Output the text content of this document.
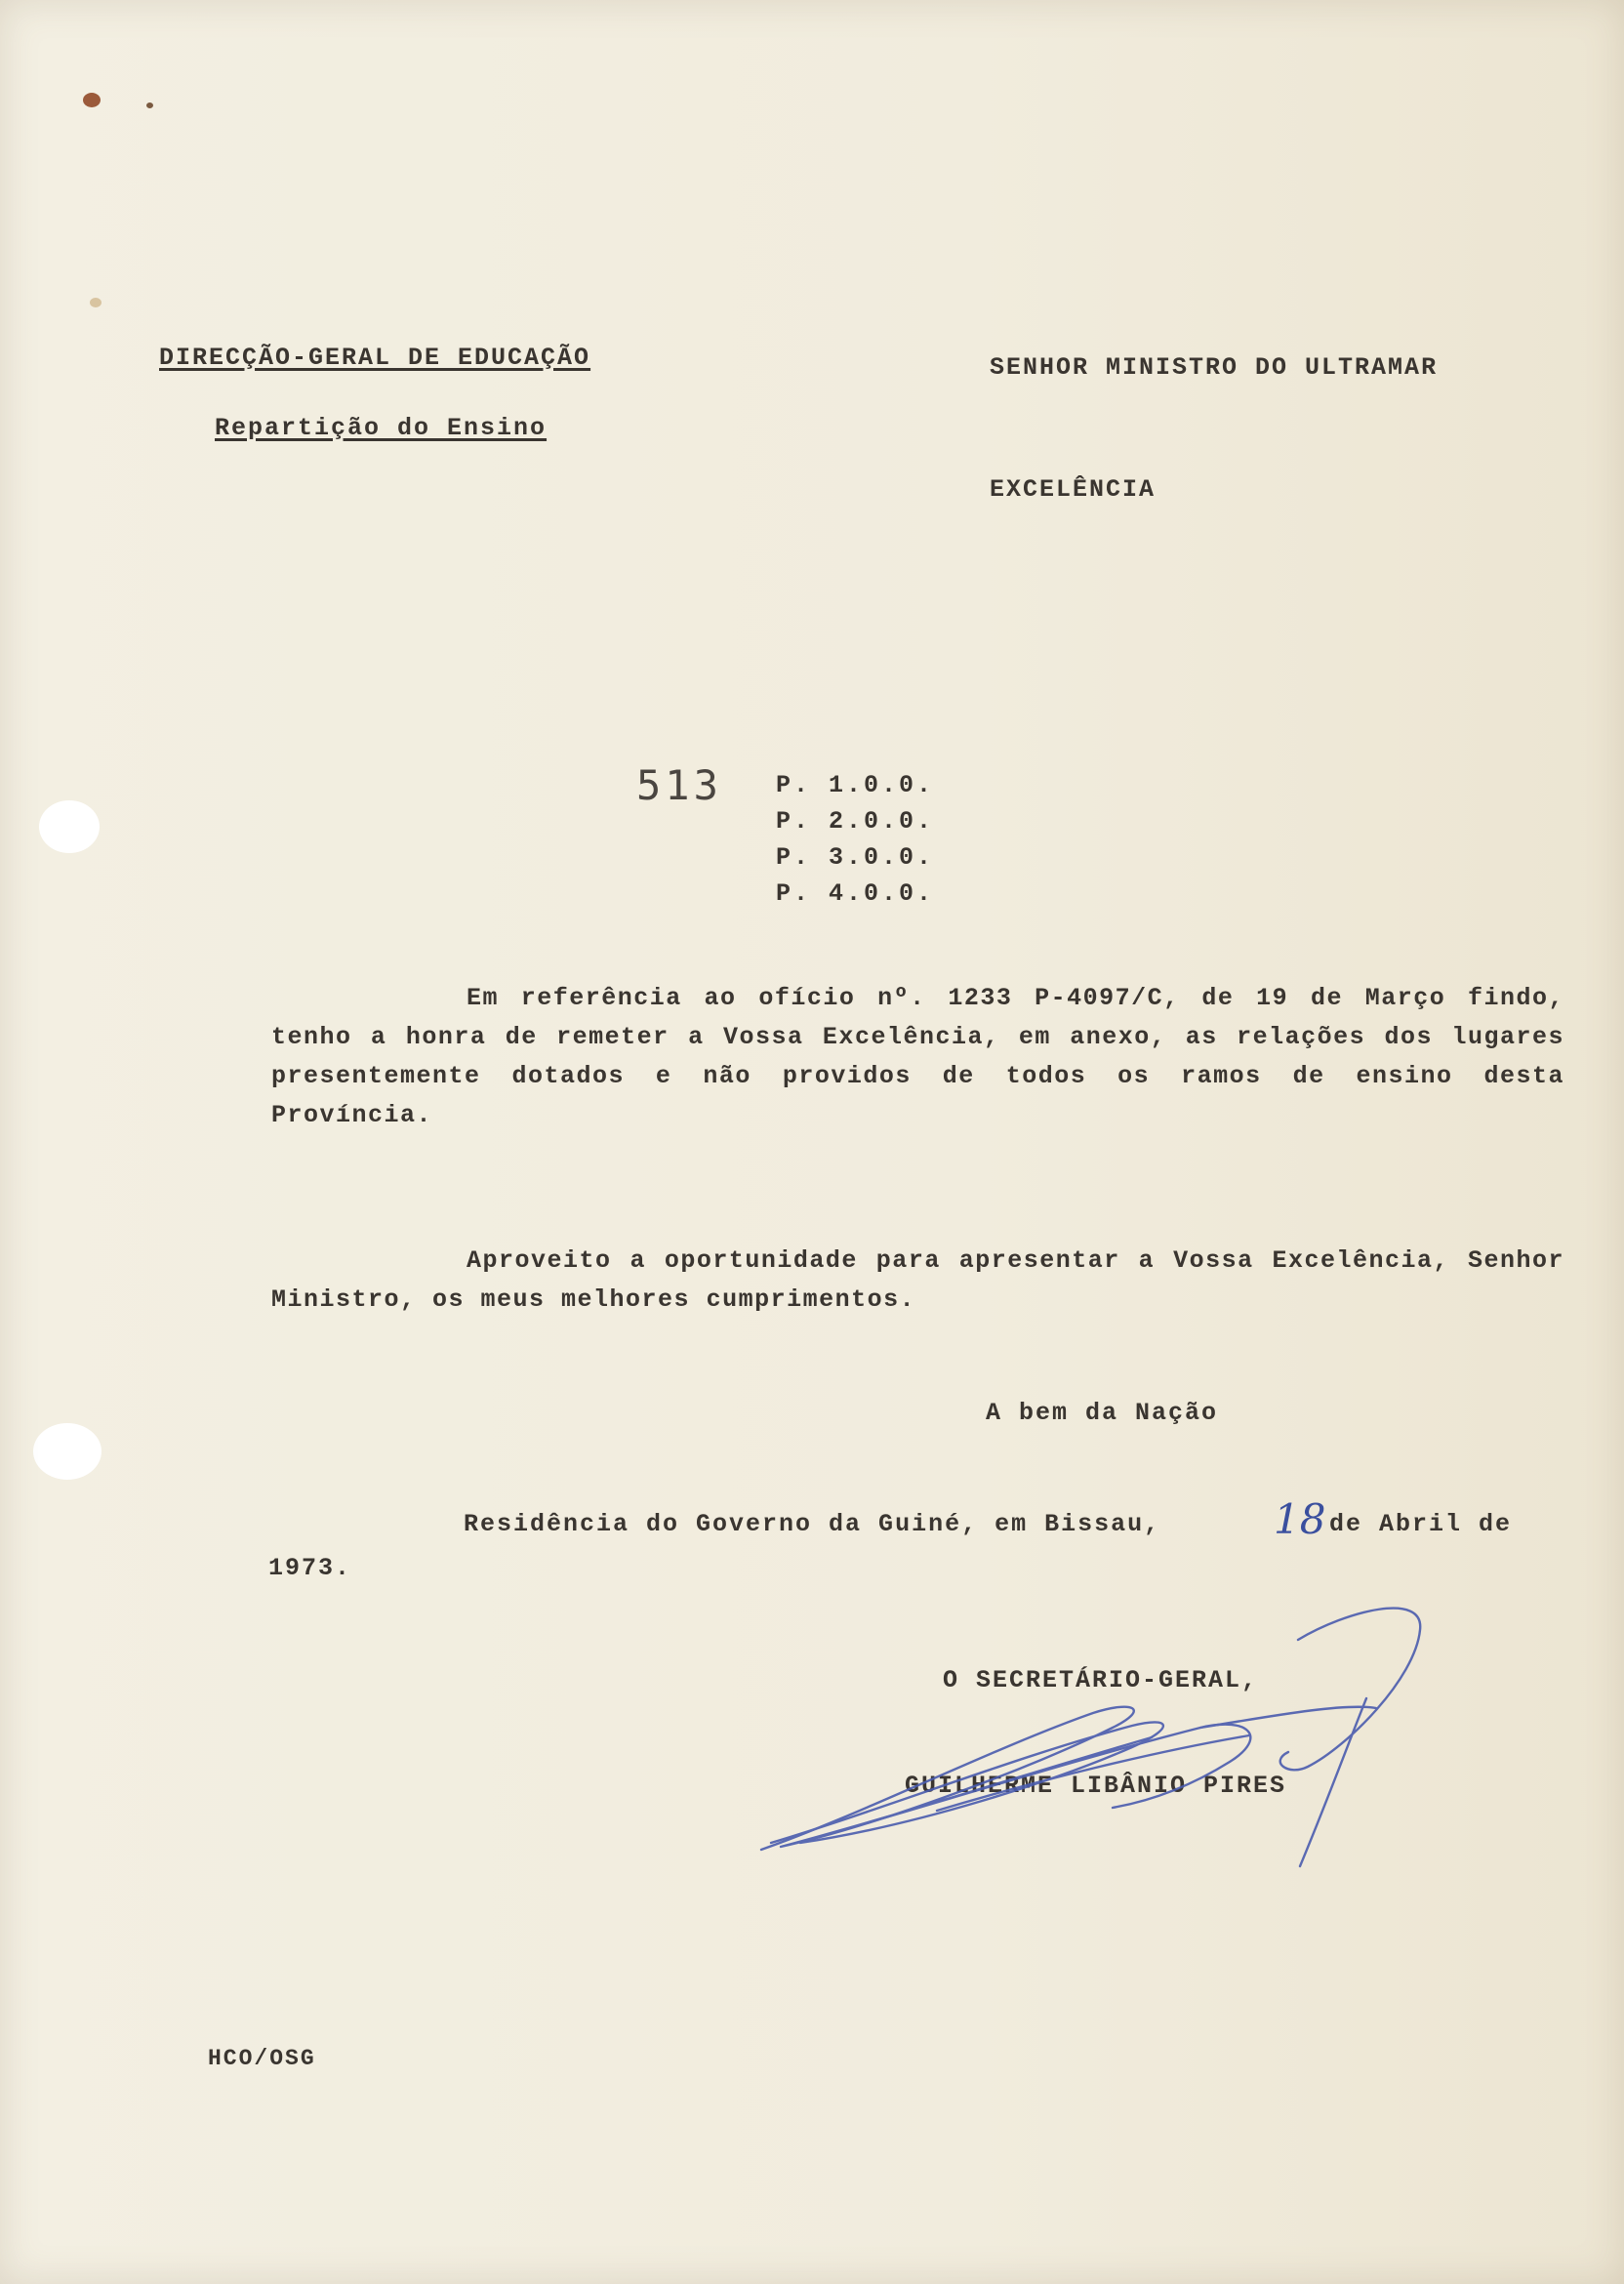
DIRECÇÃO-GERAL DE EDUCAÇÃO
Repartição do Ensino
SENHOR MINISTRO DO ULTRAMAR
EXCELÊNCIA
513 P. 1.0.0.
P. 2.0.0.
P. 3.0.0.
P. 4.0.0.
Em referência ao ofício nº. 1233 P-4097/C, de 19 de Março findo, tenho a honra de remeter a Vossa Excelência, em anexo, as relações dos lugares presentemente dotados e não providos de todos os ramos de ensino desta Província.
Aproveito a oportunidade para apresentar a Vossa Excelência, Senhor Ministro, os meus melhores cumprimentos.
A bem da Nação
Residência do Governo da Guiné, em Bissau,	18 de Abril de
1973.
O SECRETÁRIO-GERAL,
GUILHERME LIBÂNIO PIRES
HCO/OSG
